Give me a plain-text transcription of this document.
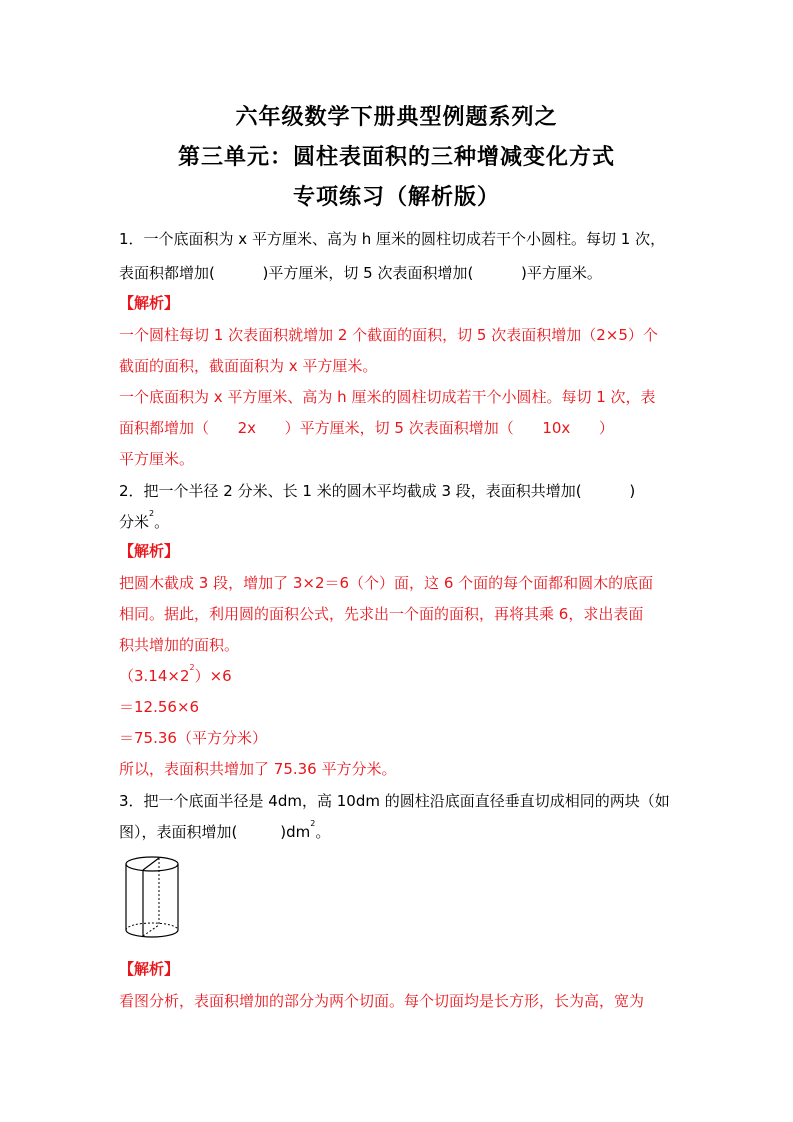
六年级数学下册典型例题系列之
第三单元：圆柱表面积的三种增减变化方式
专项练习（解析版）
1．一个底面积为 x 平方厘米、高为 h 厘米的圆柱切成若干个小圆柱。每切 1 次，
表面积都增加(          )平方厘米，切 5 次表面积增加(          )平方厘米。
【解析】
一个圆柱每切 1 次表面积就增加 2 个截面的面积，切 5 次表面积增加（2×5）个
截面的面积，截面面积为 x 平方厘米。
一个底面积为 x 平方厘米、高为 h 厘米的圆柱切成若干个小圆柱。每切 1 次，表
面积都增加（      2x      ）平方厘米，切 5 次表面积增加（      10x      ）
平方厘米。
2．把一个半径 2 分米、长 1 米的圆木平均截成 3 段，表面积共增加(          )
分米$^2$。
【解析】
把圆木截成 3 段，增加了 3×2＝6（个）面，这 6 个面的每个面都和圆木的底面
相同。据此，利用圆的面积公式，先求出一个面的面积，再将其乘 6，求出表面
积共增加的面积。
$(3.14\times 2^2)\times 6$
＝12.56×6
＝75.36（平方分米）
所以，表面积共增加了 75.36 平方分米。
3．把一个底面半径是 4dm，高 10dm 的圆柱沿底面直径垂直切成相同的两块（如
图），表面积增加(         )$dm^2$。
【解析】
看图分析，表面积增加的部分为两个切面。每个切面均是长方形，长为高，宽为
